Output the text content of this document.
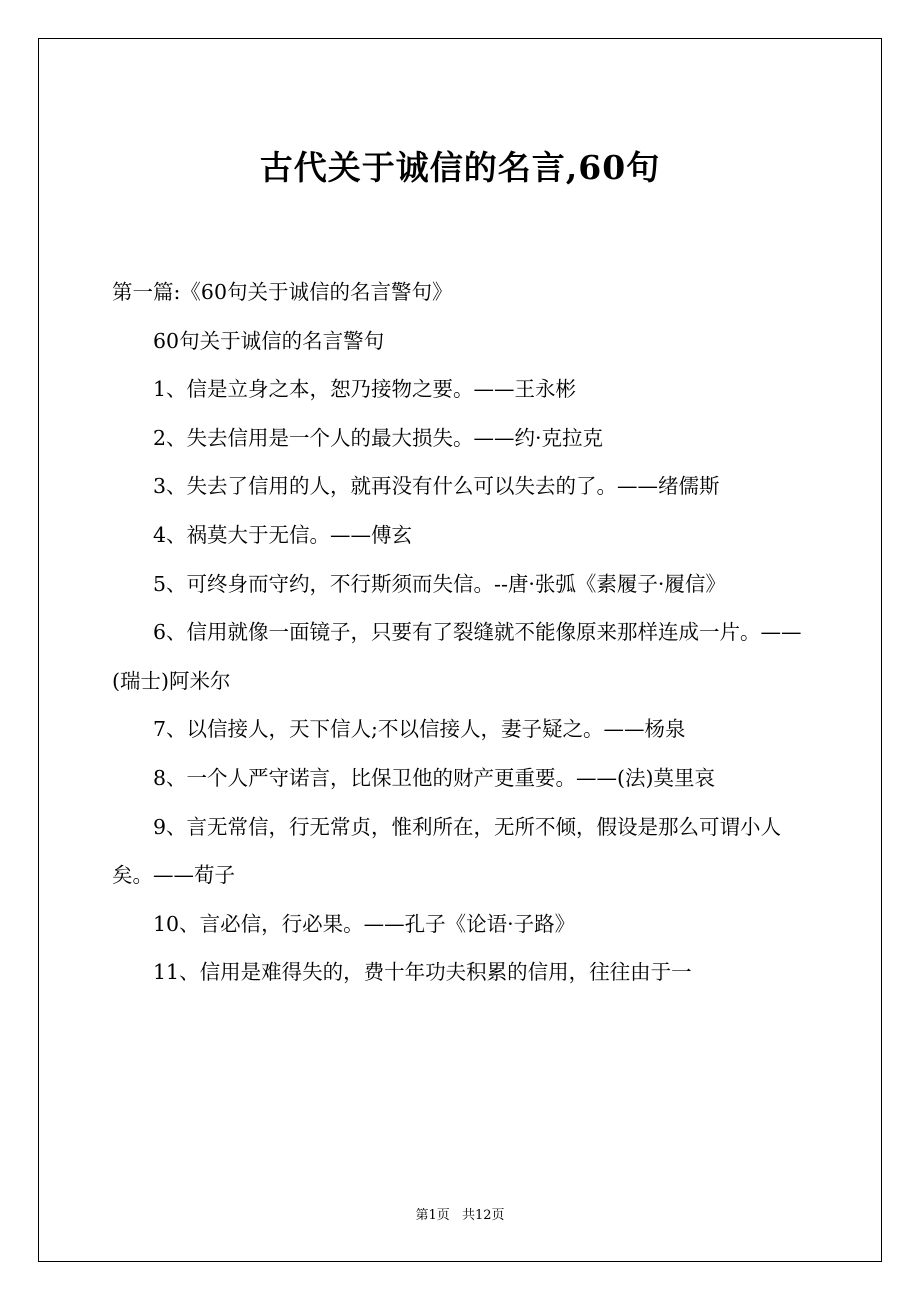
古代关于诚信的名言,60句

第一篇:《60句关于诚信的名言警句》

60句关于诚信的名言警句

1、信是立身之本，恕乃接物之要。——王永彬

2、失去信用是一个人的最大损失。——约·克拉克

3、失去了信用的人，就再没有什么可以失去的了。——绪儒斯

4、祸莫大于无信。——傅玄

5、可终身而守约，不行斯须而失信。--唐·张弧《素履子·履信》

6、信用就像一面镜子，只要有了裂缝就不能像原来那样连成一片。——(瑞士)阿米尔

7、以信接人，天下信人;不以信接人，妻子疑之。——杨泉

8、一个人严守诺言，比保卫他的财产更重要。——(法)莫里哀

9、言无常信，行无常贞，惟利所在，无所不倾，假设是那么可谓小人矣。——荀子

10、言必信，行必果。——孔子《论语·子路》

11、信用是难得失的，费十年功夫积累的信用，往往由于一

第1页 共12页
